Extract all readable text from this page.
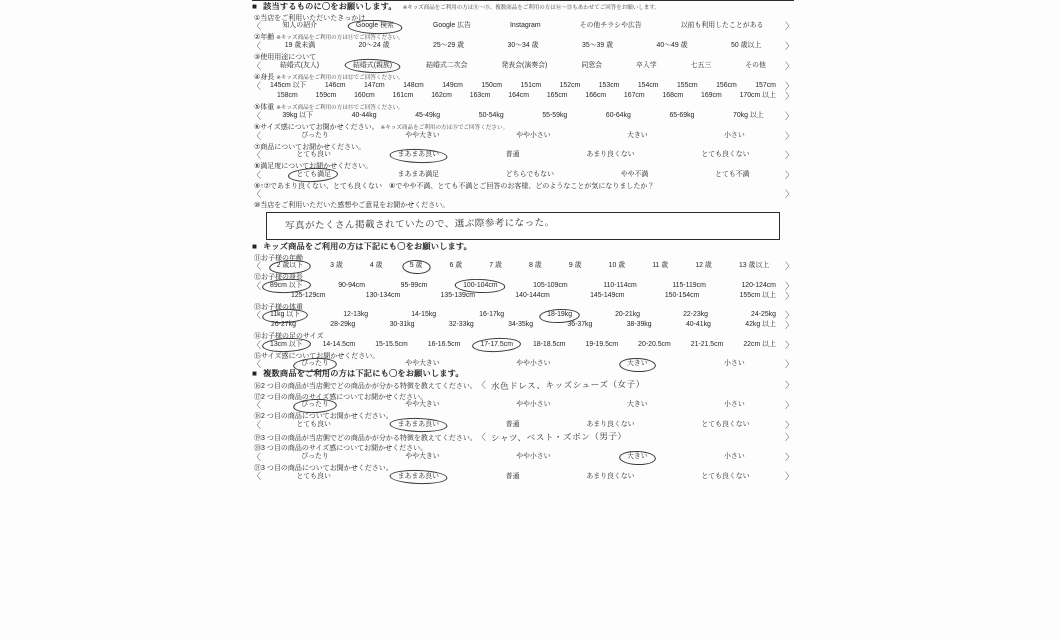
■ 該当するものに〇をお願いします。 ※キッズ商品をご利用の方は⑪～⑮、複数商品をご利用の方は⑯～㉑もあわせてご回答をお願いします。
①当店をご利用いただいたきっかけ
〈	知人の紹介	Google 検索	Google 広告	Instagram	その他チラシや広告	以前も利用したことがある	〉
②年齢 ※キッズ商品をご利用の方は⑪でご回答ください。
〈	19 歳未満	20～24 歳	25～29 歳	30～34 歳	35～39 歳	40～49 歳	50 歳以上	〉
③使用用途について
〈	結婚式(友人)	結婚式(親族)	結婚式二次会	発表会(演奏会)	同窓会	卒入学	七五三	その他	〉
④身長 ※キッズ商品をご利用の方は⑫でご回答ください。
〈	145cm 以下	146cm	147cm	148cm	149cm	150cm	151cm	152cm	153cm	154cm	155cm	156cm	157cm	〉
158cm	159cm	160cm	161cm	162cm	163cm	164cm	165cm	166cm	167cm	168cm	169cm	170cm 以上	〉
⑤体重 ※キッズ商品をご利用の方は⑬でご回答ください。
〈	39kg 以下	40-44kg	45-49kg	50-54kg	55-59kg	60-64kg	65-69kg	70kg 以上	〉
⑥サイズ感についてお聞かせください。 ※キッズ商品をご利用の方は⑮でご回答ください。
〈	ぴったり	やや大きい	やや小さい	大きい	小さい	〉
⑦商品についてお聞かせください。
〈	とても良い	まあまあ良い	普通	あまり良くない	とても良くない	〉
⑧満足度についてお聞かせください。
〈	とても満足	まあまあ満足	どちらでもない	やや不満	とても不満	〉
⑨↑⑦であまり良くない、とても良くない　⑧でやや不満、とても不満とご回答のお客様、どのようなことが気になりましたか？
〈	〉
⑩当店をご利用いただいた感想やご意見をお聞かせください。
写真がたくさん掲載されていたので、選ぶ際参考になった。
■ キッズ商品をご利用の方は下記にも〇をお願いします。
⑪お子様の年齢
〈	2 歳以下	3 歳	4 歳	5 歳	6 歳	7 歳	8 歳	9 歳	10 歳	11 歳	12 歳	13 歳以上	〉
⑫お子様の身長
〈	89cm 以下	90-94cm	95-99cm	100-104cm	105-109cm	110-114cm	115-119cm	120-124cm	〉
125-129cm	130-134cm	135-139cm	140-144cm	145-149cm	150-154cm	155cm 以上	〉
⑬お子様の体重
〈	11kg 以下	12-13kg	14-15kg	16-17kg	18-19kg	20-21kg	22-23kg	24-25kg	〉
26-27kg	28-29kg	30-31kg	32-33kg	34-35kg	36-37kg	38-39kg	40-41kg	42kg 以上	〉
⑭お子様の足のサイズ
〈	13cm 以下	14-14.5cm	15-15.5cm	16-16.5cm	17-17.5cm	18-18.5cm	19-19.5cm	20-20.5cm	21-21.5cm	22cm 以上	〉
⑮サイズ感についてお聞かせください。
〈	ぴったり	やや大きい	やや小さい	大きい	小さい	〉
■ 複数商品をご利用の方は下記にも〇をお願いします。
⑯ 2 つ目の商品が当店側でどの商品かが分かる特徴を教えてください。 〈 水色ドレス、キッズシューズ（女子）	〉
⑰2 つ目の商品のサイズ感についてお聞かせください。
〈	ぴったり	やや大きい	やや小さい	大きい	小さい	〉
⑱2 つ目の商品についてお聞かせください。
〈	とても良い	まあまあ良い	普通	あまり良くない	とても良くない	〉
⑲ 3 つ目の商品が当店側でどの商品かが分かる特徴を教えてください。 〈 シャツ、ベスト・ズボン（男子）	〉
⑳3 つ目の商品のサイズ感についてお聞かせください。
〈	ぴったり	やや大きい	やや小さい	大きい	小さい	〉
㉑3 つ目の商品についてお聞かせください。
〈	とても良い	まあまあ良い	普通	あまり良くない	とても良くない	〉
